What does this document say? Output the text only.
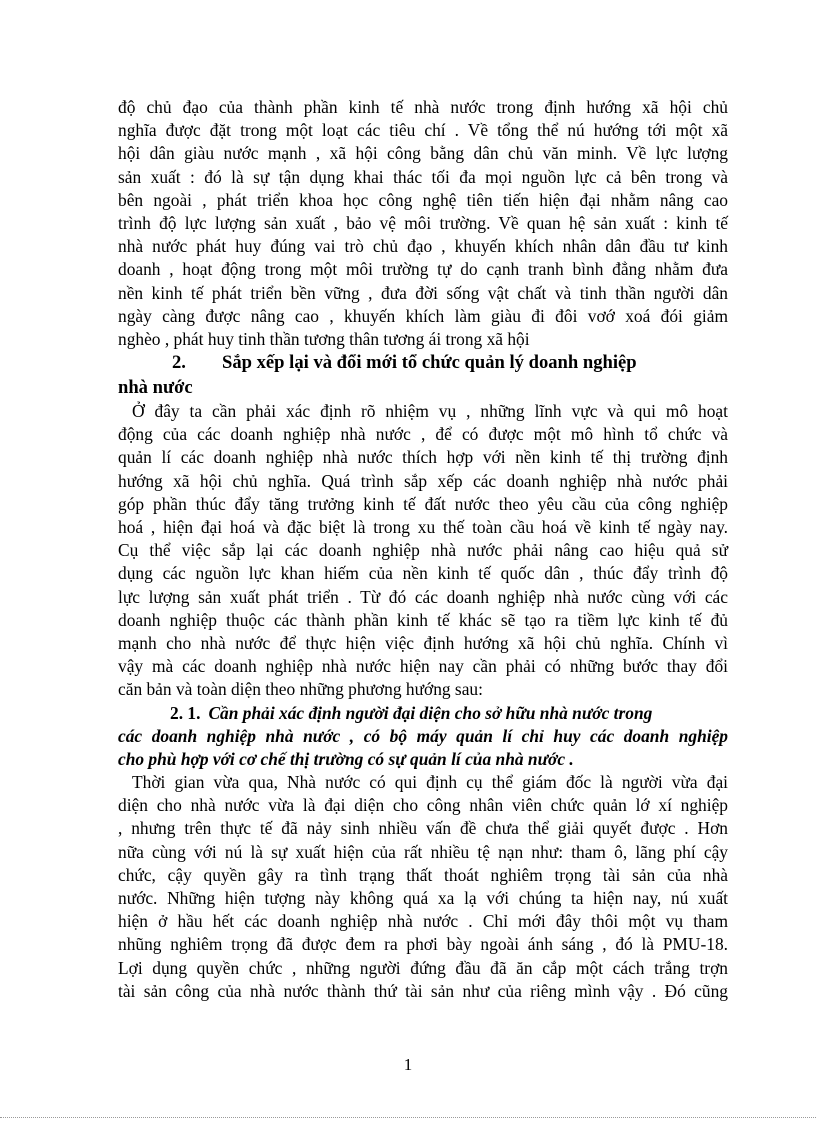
độ chủ đạo của thành phần kinh tế nhà nước trong định hướng xã hội chủ
nghĩa được đặt trong một loạt các tiêu chí . Về tổng thể nú hướng tới một xã
hội dân giàu nước mạnh , xã hội công bằng dân chủ văn minh. Về lực lượng
sản xuất : đó là sự tận dụng khai thác tối đa mọi nguồn lực cả bên trong và
bên ngoài , phát triển khoa học công nghệ tiên tiến hiện đại nhằm nâng cao
trình độ lực lượng sản xuất , bảo vệ môi trường. Về quan hệ sản xuất : kinh tế
nhà nước phát huy đúng vai trò chủ đạo , khuyến khích nhân dân đầu tư kinh
doanh , hoạt động trong một môi trường tự do cạnh tranh bình đẳng nhằm đưa
nền kinh tế phát triển bền vững , đưa đời sống vật chất và tinh thần người dân
ngày càng được nâng cao , khuyến khích làm giàu đi đôi vơớ xoá đói giảm
nghèo , phát huy tinh thần tương thân tương ái trong xã hội
2. Sắp xếp lại và đổi mới tổ chức quản lý doanh nghiệp
nhà nước
Ở đây ta cần phải xác định rõ nhiệm vụ , những lĩnh vực và qui mô hoạt
động của các doanh nghiệp nhà nước , để có được một mô hình tổ chức và
quản lí các doanh nghiệp nhà nước thích hợp với nền kinh tế thị trường định
hướng xã hội chủ nghĩa. Quá trình sắp xếp các doanh nghiệp nhà nước phải
góp phần thúc đẩy tăng trưởng kinh tế đất nước theo yêu cầu của công nghiệp
hoá , hiện đại hoá và đặc biệt là trong xu thế toàn cầu hoá về kinh tế ngày nay.
Cụ thể việc sắp lại các doanh nghiệp nhà nước phải nâng cao hiệu quả sử
dụng các nguồn lực khan hiếm của nền kinh tế quốc dân , thúc đẩy trình độ
lực lượng sản xuất phát triển . Từ đó các doanh nghiệp nhà nước cùng với các
doanh nghiệp thuộc các thành phần kinh tế khác sẽ tạo ra tiềm lực kinh tế đủ
mạnh cho nhà nước để thực hiện việc định hướng xã hội chủ nghĩa. Chính vì
vậy mà các doanh nghiệp nhà nước hiện nay cần phải có những bước thay đổi
căn bản và toàn diện theo những phương hướng sau:
2. 1. Cần phải xác định người đại diện cho sở hữu nhà nước trong
các doanh nghiệp nhà nước , có bộ máy quản lí chỉ huy các doanh nghiệp
cho phù hợp với cơ chế thị trường có sự quản lí của nhà nước .
Thời gian vừa qua, Nhà nước có qui định cụ thể giám đốc là người vừa đại
diện cho nhà nước vừa là đại diện cho công nhân viên chức quản lớ xí nghiệp
, nhưng trên thực tế đã nảy sinh nhiều vấn đề chưa thể giải quyết được . Hơn
nữa cùng với nú là sự xuất hiện của rất nhiều tệ nạn như: tham ô, lãng phí cậy
chức, cậy quyền gây ra tình trạng thất thoát nghiêm trọng tài sản của nhà
nước. Những hiện tượng này không quá xa lạ với chúng ta hiện nay, nú xuất
hiện ở hầu hết các doanh nghiệp nhà nước . Chỉ mới đây thôi một vụ tham
nhũng nghiêm trọng đã được đem ra phơi bày ngoài ánh sáng , đó là PMU-18.
Lợi dụng quyền chức , những người đứng đầu đã ăn cắp một cách trắng trợn
tài sản công của nhà nước thành thứ tài sản như của riêng mình vậy . Đó cũng
1
